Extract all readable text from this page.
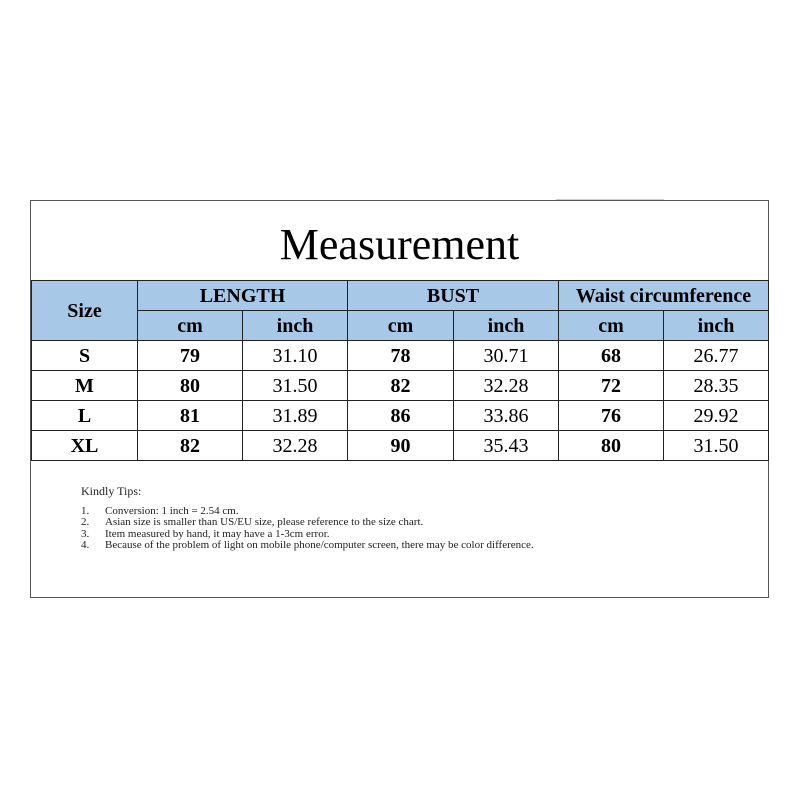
Measurement
Size	LENGTH		BUST		Waist circumference	
	cm	inch	cm	inch	cm	inch
S	79	31.10	78	30.71	68	26.77
M	80	31.50	82	32.28	72	28.35
L	81	31.89	86	33.86	76	29.92
XL	82	32.28	90	35.43	80	31.50
Kindly Tips:
1.	Conversion: 1 inch = 2.54 cm.
2.	Asian size is smaller than US/EU size, please reference to the size chart.
3.	Item measured by hand, it may have a 1-3cm error.
4.	Because of the problem of light on mobile phone/computer screen, there may be color difference.
